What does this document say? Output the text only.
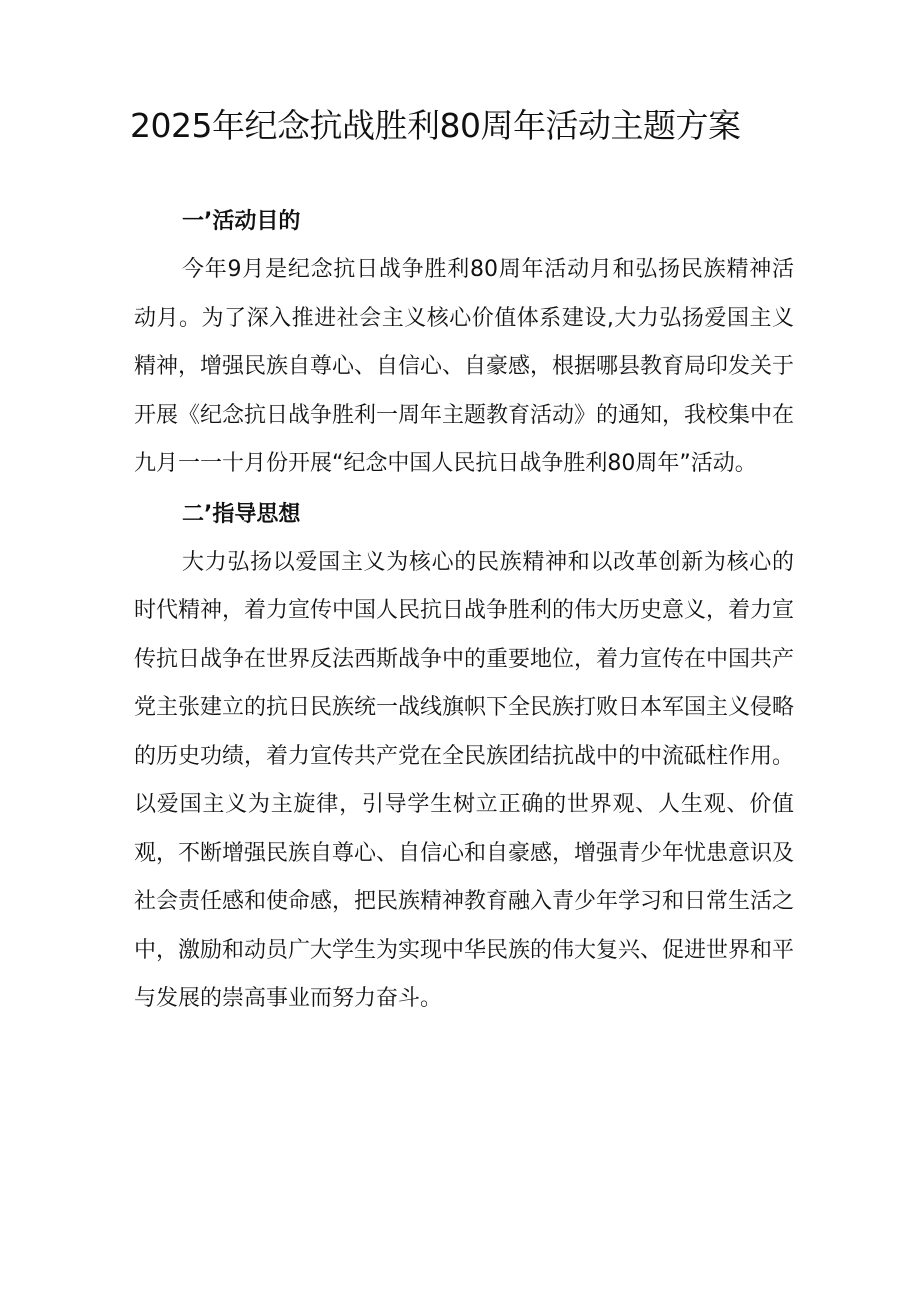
2025年纪念抗战胜利80周年活动主题方案
一’活动目的

今年9月是纪念抗日战争胜利80周年活动月和弘扬民族精神活动月。为了深入推进社会主义核心价值体系建设,大力弘扬爱国主义精神，增强民族自尊心、自信心、自豪感，根据哪县教育局印发关于开展《纪念抗日战争胜利一周年主题教育活动》的通知，我校集中在九月一一十月份开展“纪念中国人民抗日战争胜利80周年”活动。

二’指导思想

大力弘扬以爱国主义为核心的民族精神和以改革创新为核心的时代精神，着力宣传中国人民抗日战争胜利的伟大历史意义，着力宣传抗日战争在世界反法西斯战争中的重要地位，着力宣传在中国共产党主张建立的抗日民族统一战线旗帜下全民族打败日本军国主义侵略的历史功绩，着力宣传共产党在全民族团结抗战中的中流砥柱作用。以爱国主义为主旋律，引导学生树立正确的世界观、人生观、价值观，不断增强民族自尊心、自信心和自豪感，增强青少年忧患意识及社会责任感和使命感，把民族精神教育融入青少年学习和日常生活之中，激励和动员广大学生为实现中华民族的伟大复兴、促进世界和平与发展的崇高事业而努力奋斗。
